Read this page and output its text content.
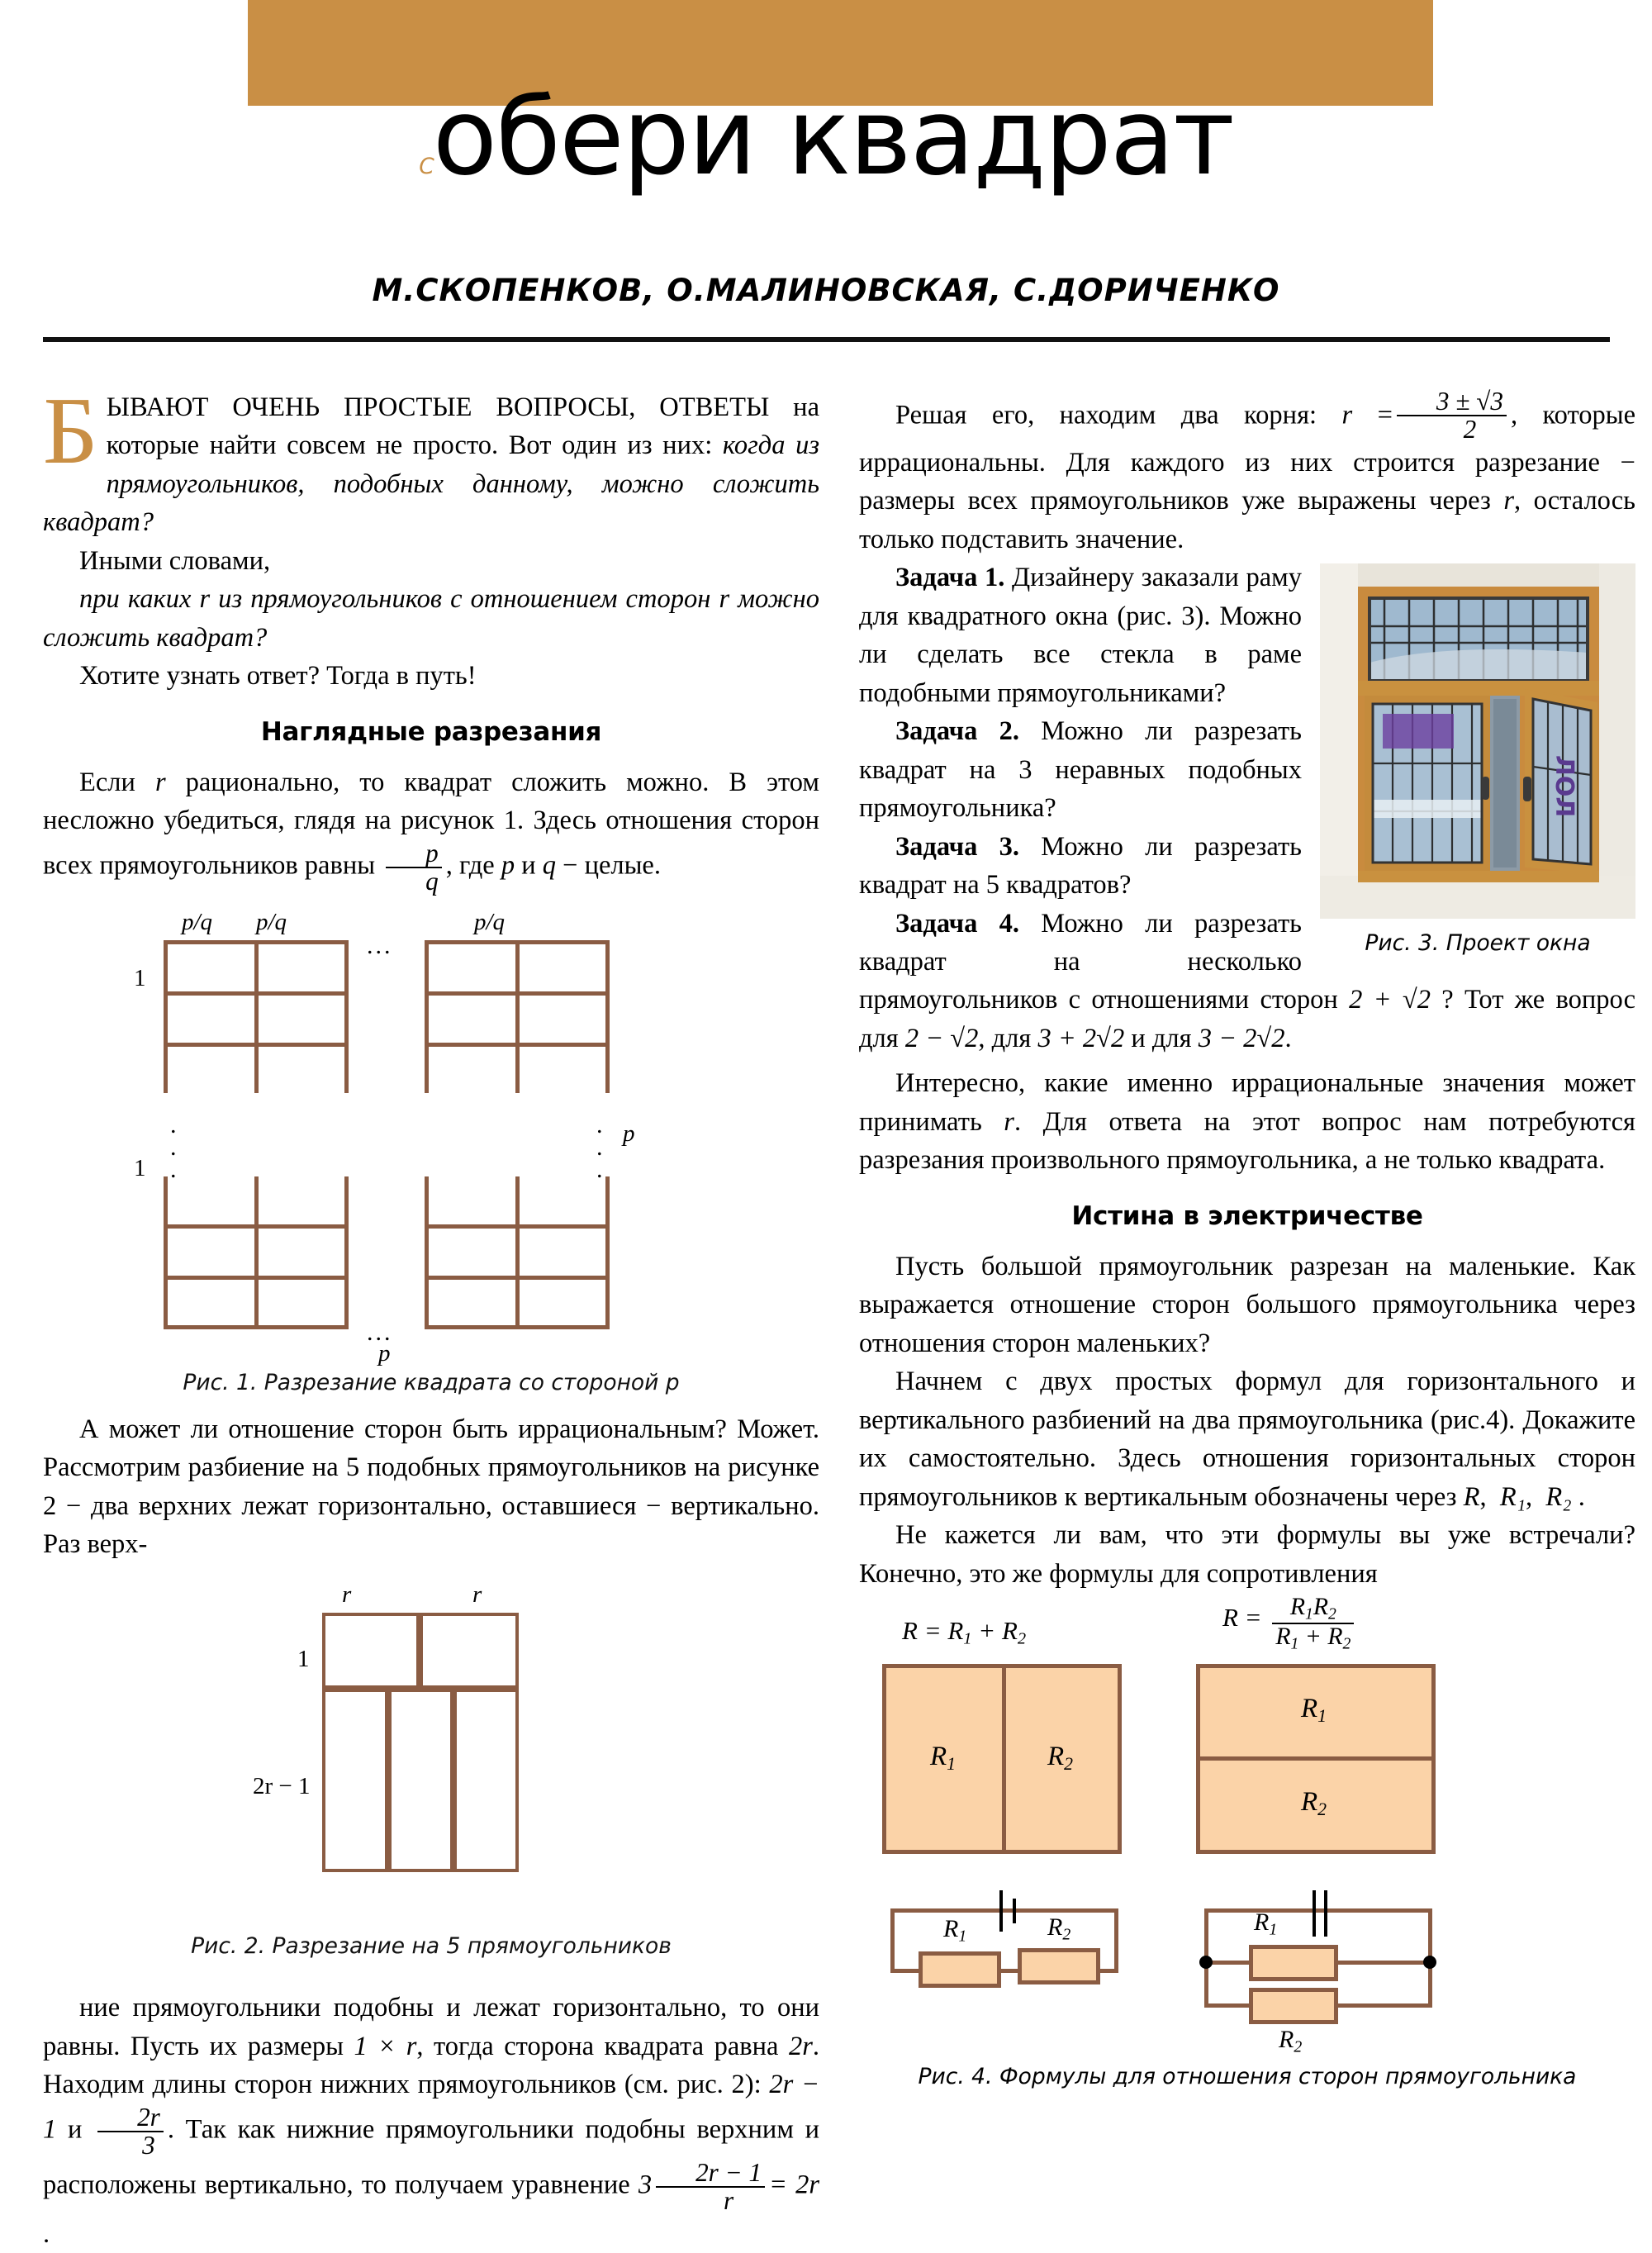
Собери квадрат
М.СКОПЕНКОВ, О.МАЛИНОВСКАЯ, С.ДОРИЧЕНКО

БЫВАЮТ ОЧЕНЬ ПРОСТЫЕ ВОПРОСЫ, ОТВЕТЫ на которые найти совсем не просто. Вот один из них: когда из прямоугольников, подобных данному, можно сложить квадрат?

Иными словами,

при каких r из прямоугольников с отношением сторон r можно сложить квадрат?

Хотите узнать ответ? Тогда в путь!

Наглядные разрезания

Если r рационально, то квадрат сложить можно. В этом несложно убедиться, глядя на рисунок 1. Здесь отношения сторон всех прямоугольников равны $\frac{p}{q}$ , где p и q − целые.

p/q p/q	p/q
1
1
...
.
.
.
.
.
.
p
...
p

Рис. 1. Разрезание квадрата со стороной p

А может ли отношение сторон быть иррациональным? Может. Рассмотрим разбиение на 5 подобных прямоугольников на рисунке 2 − два верхних лежат горизонтально, оставшиеся − вертикально. Раз верх-

r	r
1
2r − 1

Рис. 2. Разрезание на 5 прямоугольников

ние прямоугольники подобны и лежат горизонтально, то они равны. Пусть их размеры 1 × r, тогда сторона квадрата равна 2r. Находим длины сторон нижних прямоугольников (см. рис. 2): 2r − 1 и $\frac{2r}{3}$ . Так как нижние прямоугольники подобны верхним и расположены вертикально, то получаем уравнение $3 \frac{2r - 1}{r} = 2r$ .

Решая его, находим два корня: $r = \frac{3 \pm √3}{2}$ , которые иррациональны. Для каждого из них строится разрезание − размеры всех прямоугольников уже выражены через r, осталось только подставить значение.

ЛОЛ
Рис. 3. Проект окна

Задача 1. Дизайнеру заказали раму для квадратного окна (рис. 3). Можно ли сделать все стекла в раме подобными прямоугольниками?

Задача 2. Можно ли разрезать квадрат на 3 неравных подобных прямоугольника?

Задача 3. Можно ли разрезать квадрат на 5 квадратов?

Задача 4. Можно ли разрезать квадрат на несколько прямоугольников с отношениями сторон 2 + √2 ? Тот же вопрос для 2 − √2, для 3 + 2√2 и для 3 − 2√2.

Интересно, какие именно иррациональные значения может принимать r. Для ответа на этот вопрос нам потребуются разрезания произвольного прямоугольника, а не только квадрата.

Истина в электричестве

Пусть большой прямоугольник разрезан на маленькие. Как выражается отношение сторон большого прямоугольника через отношения сторон маленьких?

Начнем с двух простых формул для горизонтального и вертикального разбиений на два прямоугольника (рис.4). Докажите их самостоятельно. Здесь отношения горизонтальных сторон прямоугольников к вертикальным обозначены через R,  R₁,  R₂ .

Не кажется ли вам, что эти формулы вы уже встречали? Конечно, это же формулы для сопротивления

$R = R_1 + R_2$
$R = \frac{R_1R_2}{R_1 + R_2}$
$R_1$	$R_2$
$R_1$
$R_2$
$R_1$	$R_2$	$R_1$
$R_2$

Рис. 4. Формулы для отношения сторон прямоугольника
